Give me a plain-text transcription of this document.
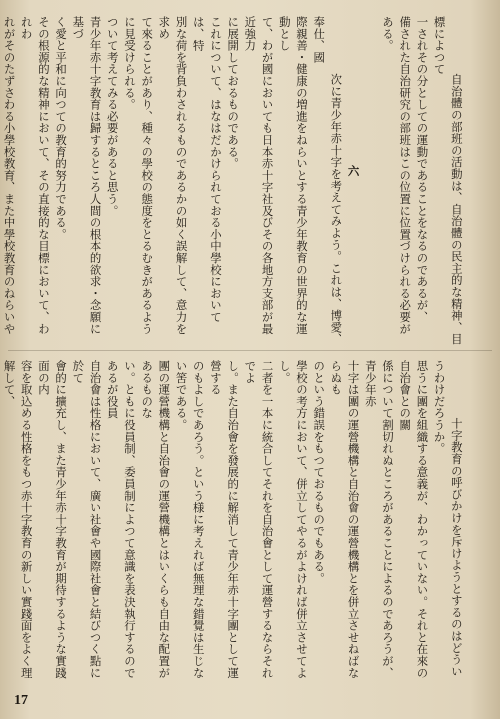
自治體の部班の活動は、自治體の民主的な精神、目標によつて
一されその分としての運動であることをなるのであるが、
備された自治研究の部班はこの位置に位置づけられる必要がある。

六
次に青少年赤十字を考えてみよう。これは、博愛、奉仕、國
際親善・健康の増進をねらいとする青少年教育の世界的な運動とし
て、わが國においても日本赤十字社及びその各地方支部が最近強力
に展開しておるものである。
これについて、はなはだかけられておる小中學校においては、特
別な荷を背負わされるものであるかの如く誤解して、意力を求め
て來ることがあり、種々の學校の態度をとるむきがあるように見受けられる。
ついて考えてみる必要があると思う。
青少年赤十字教育は歸するところ人間の根本的欲求・念願に基づ
く愛と平和に向つての教育的努力である。
その根源的な精神において、その直接的な目標において、われわ
れがそのたずさわる小學校教育、また中學校教育のねらいや

十字教育の呼びかけを斥けようとするのはどういうわけだろうか。
思うに團を組織する意義が、わかっていない。それと在來の自治會との關
係について割切れぬところがあることによるのであろうが、青少年赤
十字は團の運營機構と自治會の運營機構とを併立させねばならぬも
のという錯誤をもつておるものでもある。
學校の考方において、併立してやるがよければ併立させてよし。
二者を一本に統合してそれを自治會として運營するならそれでよ
し。また自治會を發展的に解消して青少年赤十字團として運營する
のもよしであろう。という様に考えれば無理な錯覺は生じない筈である。
團の運營機構と自治會の運營機構とはいくらも自由な配置があるものな
い。ともに役員制、委員制によつて意識を表決執行するのであるが役員
自治會は性格において、廣い社會や國際社會と結びつく點に於て
會的に擴充し、また青少年赤十字教育が期待するような實踐面の内
容を取込める性格をもつ赤十字教育の新しい實踐面をよく理解して、

17
